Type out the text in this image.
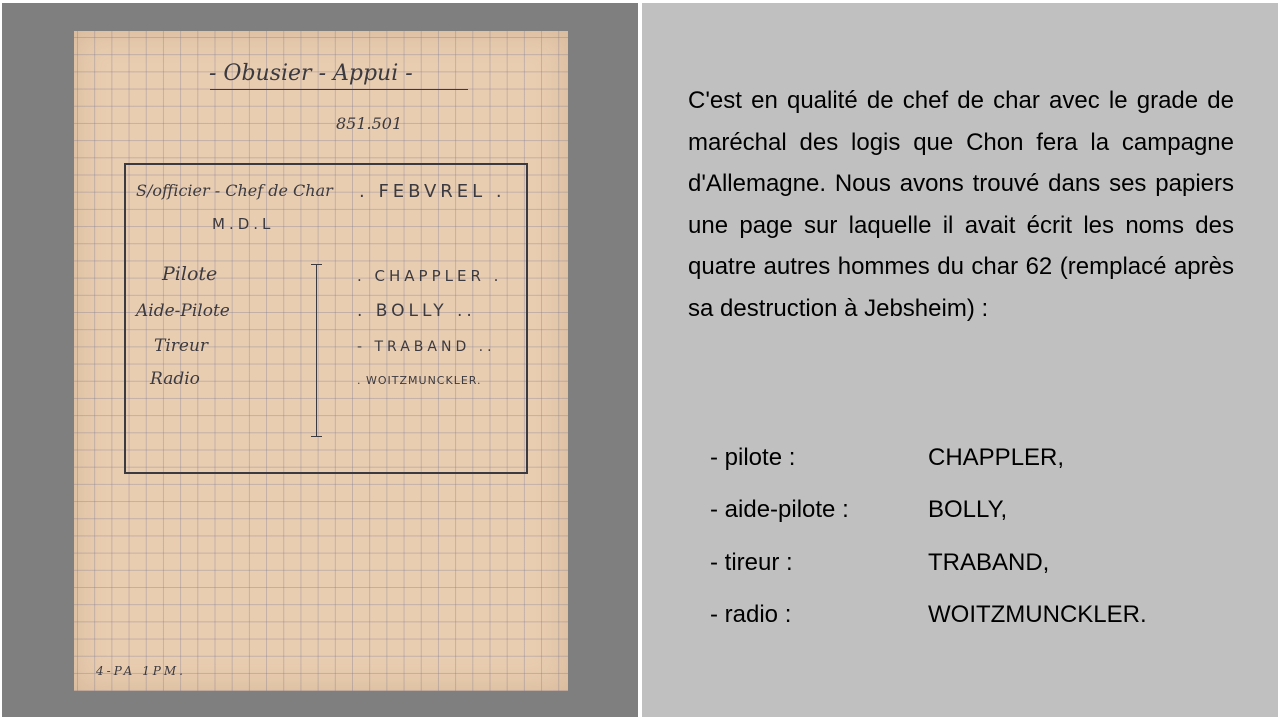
- Obusier - Appui -
851.501
S/officier - Chef de Char . FEBVREL .
M.D.L
Pilote	. CHAPPLER .
Aide-Pilote	. BOLLY ..
Tireur	- TRABAND ..
Radio	. WOITZMUNCKLER.
4-PA 1PM.
C'est en qualité de chef de char avec le grade de maréchal des logis que Chon fera la campagne d'Allemagne. Nous avons trouvé dans ses papiers une page sur laquelle il avait écrit les noms des quatre autres hommes du char 62 (remplacé après sa destruction à Jebsheim) :
- pilote :	CHAPPLER,
- aide-pilote :	BOLLY,
- tireur :	TRABAND,
- radio :	WOITZMUNCKLER.
